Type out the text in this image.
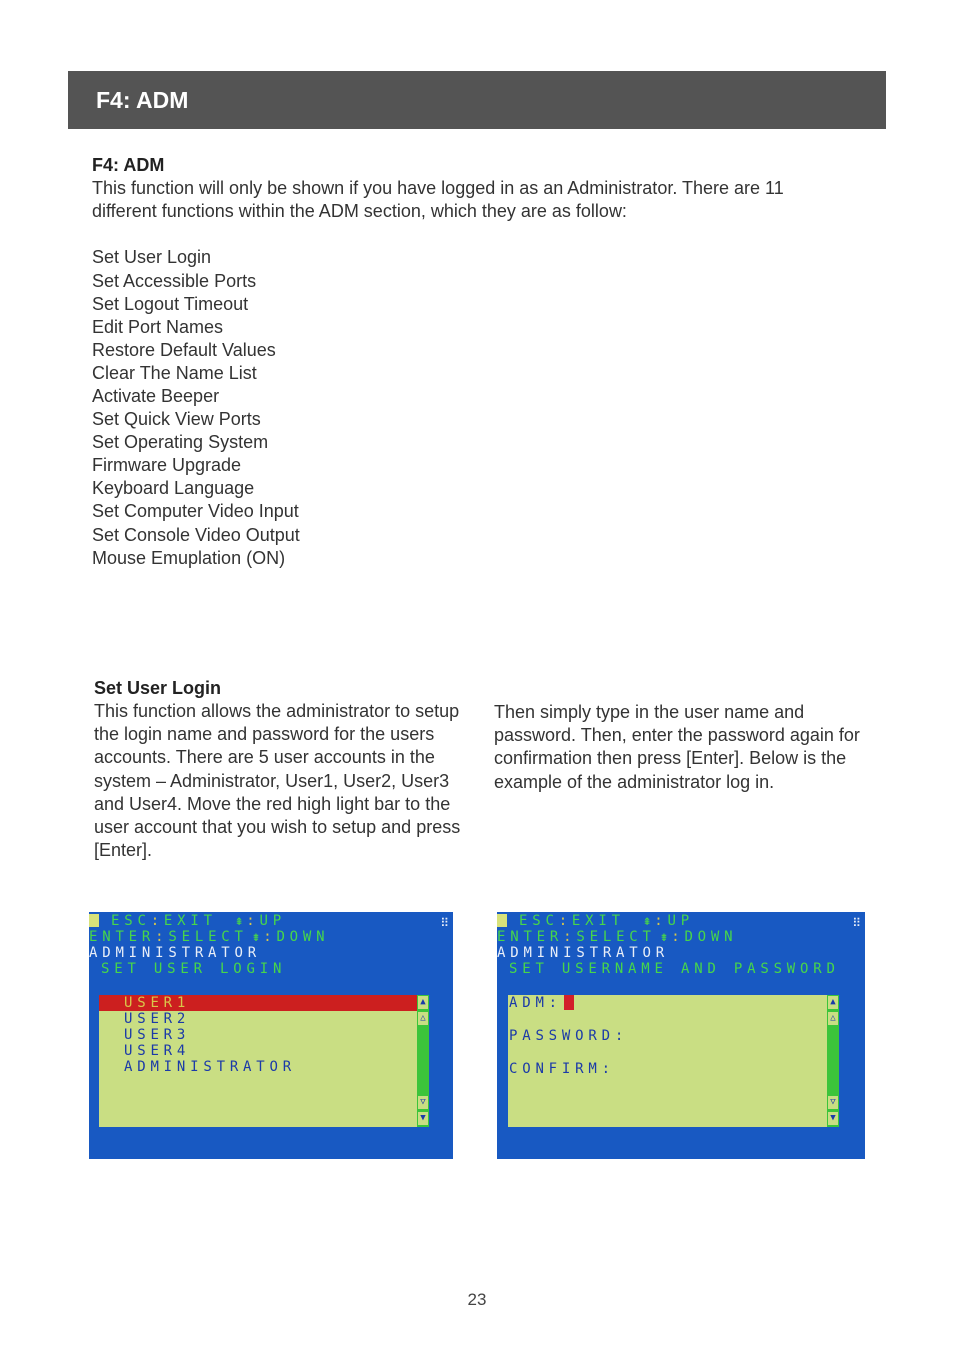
F4: ADM

F4: ADM

This function will only be shown if you have logged in as an Administrator. There are 11 different functions within the ADM section, which they are as follow:

Set User Login
Set Accessible Ports
Set Logout Timeout
Edit Port Names
Restore Default Values
Clear The Name List
Activate Beeper
Set Quick View Ports
Set Operating System
Firmware Upgrade
Keyboard Language
Set Computer Video Input
Set Console Video Output
Mouse Emuplation (ON)

Set User Login

This function allows the administrator to setup the login name and password for the users accounts. There are 5 user accounts in the system – Administrator, User1, User2, User3 and User4. Move the red high light bar to the user account that you wish to setup and press [Enter].

Then simply type in the user name and password. Then, enter the password again for confirmation then press [Enter]. Below is the example of the administrator log in.

ESC:EXIT ⇞ :UP
ENTER:SELECT ⇟ :DOWN
⠿
ADMINISTRATOR
SET USER LOGIN
USER1
USER2
USER3
USER4
ADMINISTRATOR
▲
△
▽
▼
ESC:EXIT ⇞ :UP
ENTER:SELECT ⇟ :DOWN
⠿
ADMINISTRATOR
SET USERNAME AND PASSWORD
ADM:
PASSWORD:
CONFIRM:
▲
△
▽
▼
23
